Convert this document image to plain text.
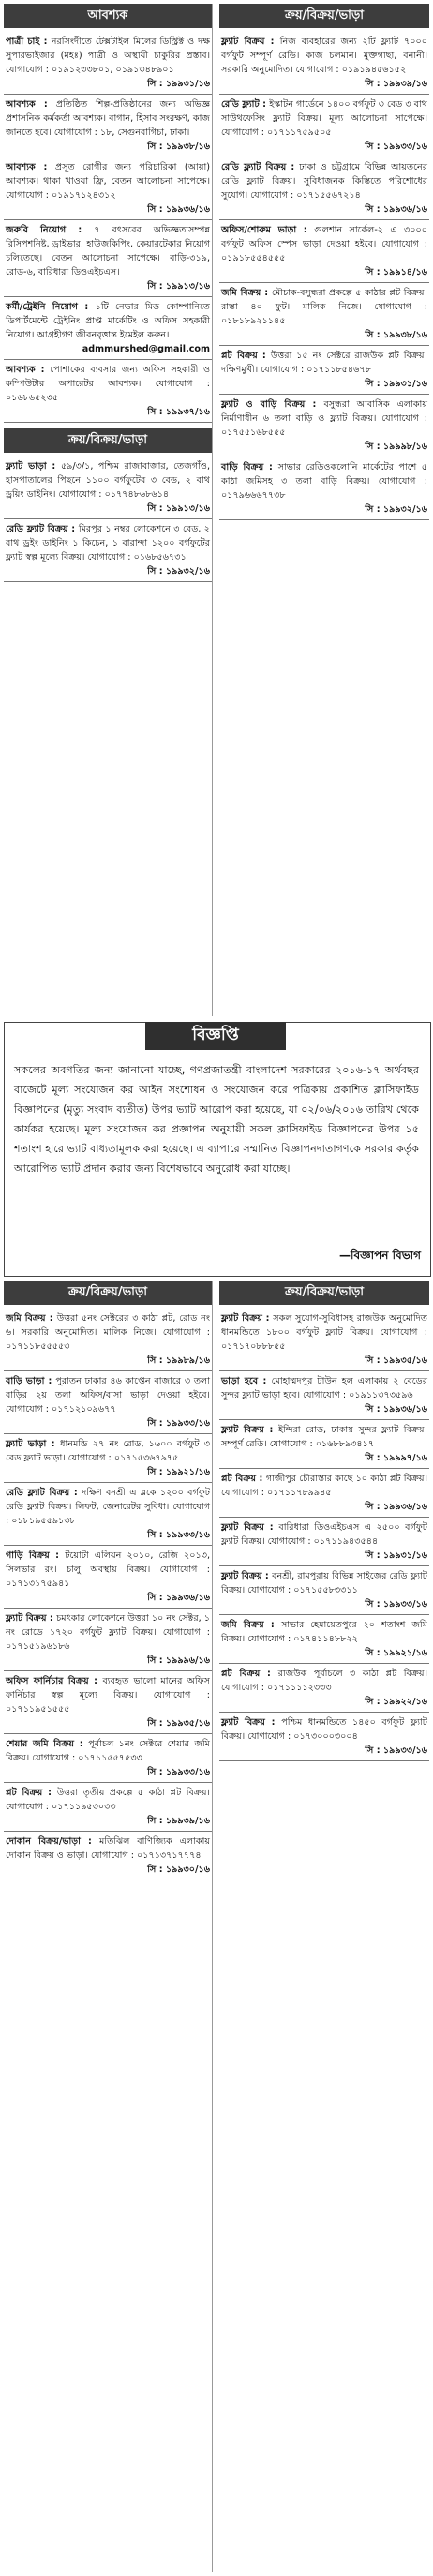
আবশ্যক
পাত্রী চাই : নরসিংদীতে টেক্সটাইল মিলের ডিস্ট্রিক্ট ও দক্ষ সুপারভাইজার (মহঃ) পাত্রী ও অস্থায়ী চাকুরির প্রস্তাব। যোগাযোগ : ০১৯১২৩৩৮০১, ০১৯১৩৪৮৯০১
সি : ১৯৯৩১/১৬
আবশ্যক : প্রতিষ্ঠিত শিল্প-প্রতিষ্ঠানের জন্য অভিজ্ঞ প্রশাসনিক কর্মকর্তা আবশ্যক। বাগান, হিসাব সংরক্ষণ, কাজ জানতে হবে। যোগাযোগ : ১৮, সেগুনবাগিচা, ঢাকা।
সি : ১৯৯৩৮/১৬
আবশ্যক : প্রসূত রোগীর জন্য পরিচারিকা (আয়া) আবশ্যক। থাকা খাওয়া ফ্রি, বেতন আলোচনা সাপেক্ষে। যোগাযোগ : ০১৯১৭১২৪৩১২
সি : ১৯৯৩৬/১৬
জরুরি নিয়োগ : ৭ বৎসরের অভিজ্ঞতাসম্পন্ন রিসিপশনিষ্ট, ড্রাইভার, হাউজকিপিং, কেয়ারটেকার নিয়োগ চলিতেছে। বেতন আলোচনা সাপেক্ষে। বাড়ি-৩১৯, রোড-৬, বারিধারা ডিওএইচএস।
সি : ১৯৯১৩/১৬
কর্মী/ট্রেইনি নিয়োগ : ১টি নেভার মিড কোম্পানিতে ডিপার্টমেন্টে ট্রেইনিং প্রাপ্ত মার্কেটিং ও অফিস সহকারী নিয়োগ। আগ্রহীগণ জীবনবৃত্তান্ত ইমেইল করুন।
admmurshed@gmail.com
আবশ্যক : পোশাকের ব্যবসার জন্য অফিস সহকারী ও কম্পিউটার অপারেটর আবশ্যক। যোগাযোগ : ০১৬৮৬৫২৩৫
সি : ১৯৯৩৭/১৬
ক্রয়/বিক্রয়/ভাড়া
ফ্ল্যাট ভাড়া : ৫৯/৩/১, পশ্চিম রাজাবাজার, তেজগাঁও, হাসপাতালের পিছনে ১১০০ বর্গফুটের ৩ বেড, ২ বাথ ড্রয়িং ডাইনিং। যোগাযোগ : ০১৭৭৪৮৬৮৬১৪
সি : ১৯৯১৩/১৬
রেডি ফ্ল্যাট বিক্রয় : মিরপুর ১ নম্বর লোকেশনে ৩ বেড, ২ বাথ ড্রইং ডাইনিং ১ কিচেন, ১ বারান্দা ১২০০ বর্গফুটের ফ্ল্যাট স্বল্প মূল্যে বিক্রয়। যোগাযোগ : ০১৬৮৫৬৭৩১
সি : ১৯৯৩২/১৬
ক্রয়/বিক্রয়/ভাড়া
ফ্ল্যাট বিক্রয় : নিজ ব্যবহারের জন্য ২টি ফ্ল্যাট ৭০০০ বর্গফুট সম্পূর্ণ রেডি। কাজ চলমান। মুক্তগাছা, বনানী। সরকারি অনুমোদিত। যোগাযোগ : ০১৯১৯৪৫৬১৫২
সি : ১৯৯৩৯/১৬
রেডি ফ্ল্যাট : ইস্কাটন গার্ডেনে ১৪০০ বর্গফুট ৩ বেড ৩ বাথ সাউথফেসিং ফ্ল্যাট বিক্রয়। মূল্য আলোচনা সাপেক্ষে। যোগাযোগ : ০১৭১১৭৫৯৫০৫
সি : ১৯৯৩৩/১৬
রেডি ফ্ল্যাট বিক্রয় : ঢাকা ও চট্টগ্রামে বিভিন্ন আয়তনের রেডি ফ্ল্যাট বিক্রয়। সুবিধাজনক কিস্তিতে পরিশোধের সুযোগ। যোগাযোগ : ০১৭১৫৫৬৭২১৪
সি : ১৯৯৩৬/১৬
অফিস/শোরুম ভাড়া : গুলশান সার্কেল-২ এ ৩০০০ বর্গফুট অফিস স্পেস ভাড়া দেওয়া হইবে। যোগাযোগ : ০১৯১৮৫৫৪৫৫৫
সি : ১৯৯১৪/১৬
জমি বিক্রয় : মৌচাক-বসুন্ধরা প্রকল্পে ৫ কাঠার প্লট বিক্রয়। রাস্তা ৪০ ফুট। মালিক নিজে। যোগাযোগ : ০১৮১৮৯২১১৪৫
সি : ১৯৯৩৮/১৬
প্লট বিক্রয় : উত্তরা ১৫ নং সেক্টরে রাজউক প্লট বিক্রয়। দক্ষিণমুখী। যোগাযোগ : ০১৭১১৮৫৪৬৭৮
সি : ১৯৯৩১/১৬
ফ্ল্যাট ও বাড়ি বিক্রয় : বসুন্ধরা আবাসিক এলাকায় নির্মাণাধীন ৬ তলা বাড়ি ও ফ্ল্যাট বিক্রয়। যোগাযোগ : ০১৭৫৫১৬৮৫৫৫
সি : ১৯৯৯৮/১৬
বাড়ি বিক্রয় : সাভার রেডিওকলোনি মার্কেটের পাশে ৫ কাঠা জমিসহ ৩ তলা বাড়ি বিক্রয়। যোগাযোগ : ০১৭৯৬৬৬৭৭৩৮
সি : ১৯৯৩২/১৬
বিজ্ঞপ্তি
সকলের অবগতির জন্য জানানো যাচ্ছে, গণপ্রজাতন্ত্রী বাংলাদেশ সরকারের ২০১৬-১৭ অর্থবছর বাজেটে মূল্য সংযোজন কর আইন সংশোধন ও সংযোজন করে পত্রিকায় প্রকাশিত ক্লাসিফাইড বিজ্ঞাপনের (মৃত্যু সংবাদ ব্যতীত) উপর ভ্যাট আরোপ করা হয়েছে, যা ০২/০৬/২০১৬ তারিখ থেকে কার্যকর হয়েছে। মূল্য সংযোজন কর প্রজ্ঞাপন অনুযায়ী সকল ক্লাসিফাইড বিজ্ঞাপনের উপর ১৫ শতাংশ হারে ভ্যাট বাধ্যতামূলক করা হয়েছে। এ ব্যাপারে সম্মানিত বিজ্ঞাপনদাতাগণকে সরকার কর্তৃক আরোপিত ভ্যাট প্রদান করার জন্য বিশেষভাবে অনুরোধ করা যাচ্ছে।
—বিজ্ঞাপন বিভাগ
ক্রয়/বিক্রয়/ভাড়া
জমি বিক্রয় : উত্তরা ৫নং সেক্টরের ৩ কাঠা প্লট, রোড নং ৬। সরকারি অনুমোদিত। মালিক নিজে। যোগাযোগ : ০১৭১১৮৫৫৫৫৩
সি : ১৯৯৮৯/১৬
বাড়ি ভাড়া : পুরাতন ঢাকার ৪৬ কাপ্তেন বাজারে ৩ তলা বাড়ির ২য় তলা অফিস/বাসা ভাড়া দেওয়া হইবে। যোগাযোগ : ০১৭১২১০৯৬৭৭
সি : ১৯৯৩৩/১৬
ফ্ল্যাট ভাড়া : ধানমন্ডি ২৭ নং রোড, ১৬০০ বর্গফুট ৩ বেড ফ্ল্যাট ভাড়া। যোগাযোগ : ০১৭১৫৩৬৭৯৭৫
সি : ১৯৯২১/১৬
রেডি ফ্ল্যাট বিক্রয় : দক্ষিণ বনশ্রী এ ব্লকে ১২০০ বর্গফুট রেডি ফ্ল্যাট বিক্রয়। লিফট, জেনারেটর সুবিধা। যোগাযোগ : ০১৮১৯৫৫৯১৩৮
সি : ১৯৯৩৩/১৬
গাড়ি বিক্রয় : টয়োটা এলিয়ন ২০১০, রেজি ২০১৩, সিলভার রং। চালু অবস্থায় বিক্রয়। যোগাযোগ : ০১৭১৩১৭৫৯৪১
সি : ১৯৯৩৬/১৬
ফ্ল্যাট বিক্রয় : চমৎকার লোকেশনে উত্তরা ১০ নং সেক্টর, ১ নং রোডে ১৭২০ বর্গফুট ফ্ল্যাট বিক্রয়। যোগাযোগ : ০১৭১৫১৯৬১৮৬
সি : ১৯৯৯৬/১৬
অফিস ফার্নিচার বিক্রয় : ব্যবহৃত ভালো মানের অফিস ফার্নিচার স্বল্প মূল্যে বিক্রয়। যোগাযোগ : ০১৭১১৯৫১৫৫৫
সি : ১৯৯৩৫/১৬
শেয়ার জমি বিক্রয় : পূর্বাচল ১নং সেক্টরে শেয়ার জমি বিক্রয়। যোগাযোগ : ০১৭১১৫৫৭৫৩৩
সি : ১৯৯৩৩/১৬
প্লট বিক্রয় : উত্তরা তৃতীয় প্রকল্পে ৫ কাঠা প্লট বিক্রয়। যোগাযোগ : ০১৭১১৯৫৩০৩৩
সি : ১৯৯৩৯/১৬
দোকান বিক্রয়/ভাড়া : মতিঝিল বাণিজ্যিক এলাকায় দোকান বিক্রয় ও ভাড়া। যোগাযোগ : ০১৭১৩৭১৭৭৭৪
সি : ১৯৯৩০/১৬
ক্রয়/বিক্রয়/ভাড়া
ফ্ল্যাট বিক্রয় : সকল সুযোগ-সুবিধাসহ রাজউক অনুমোদিত ধানমন্ডিতে ১৮০০ বর্গফুট ফ্ল্যাট বিক্রয়। যোগাযোগ : ০১৭১৭০৮৮৮৫৫
সি : ১৯৯৩৫/১৬
ভাড়া হবে : মোহাম্মদপুর টাউন হল এলাকায় ২ বেডের সুন্দর ফ্ল্যাট ভাড়া হবে। যোগাযোগ : ০১৯১১৩৭৩৫৯৬
সি : ১৯৯৩৬/১৬
ফ্ল্যাট বিক্রয় : ইন্দিরা রোড, ঢাকায় সুন্দর ফ্ল্যাট বিক্রয়। সম্পূর্ণ রেডি। যোগাযোগ : ০১৬৮৮৯৩৪১৭
সি : ১৯৯৯৭/১৬
প্লট বিক্রয় : গাজীপুর চৌরাস্তার কাছে ১০ কাঠা প্লট বিক্রয়। যোগাযোগ : ০১৭১১৭৮৯৯৪৫
সি : ১৯৯৩৬/১৬
ফ্ল্যাট বিক্রয় : বারিধারা ডিওএইচএস এ ২৫০০ বর্গফুট ফ্ল্যাট বিক্রয়। যোগাযোগ : ০১৭১১৯৪৩৫৪৪
সি : ১৯৯৩১/১৬
ফ্ল্যাট বিক্রয় : বনশ্রী, রামপুরায় বিভিন্ন সাইজের রেডি ফ্ল্যাট বিক্রয়। যোগাযোগ : ০১৭১৫৫৮৩৩১১
সি : ১৯৯৩৩/১৬
জমি বিক্রয় : সাভার হেমায়েতপুরে ২০ শতাংশ জমি বিক্রয়। যোগাযোগ : ০১৭৪১১৪৮৮২২
সি : ১৯৯২১/১৬
প্লট বিক্রয় : রাজউক পূর্বাচলে ৩ কাঠা প্লট বিক্রয়। যোগাযোগ : ০১৭১১১১২৩৩৩
সি : ১৯৯২২/১৬
ফ্ল্যাট বিক্রয় : পশ্চিম ধানমন্ডিতে ১৪৫০ বর্গফুট ফ্ল্যাট বিক্রয়। যোগাযোগ : ০১৭৩০০০৩০০৪
সি : ১৯৯৩৩/১৬
